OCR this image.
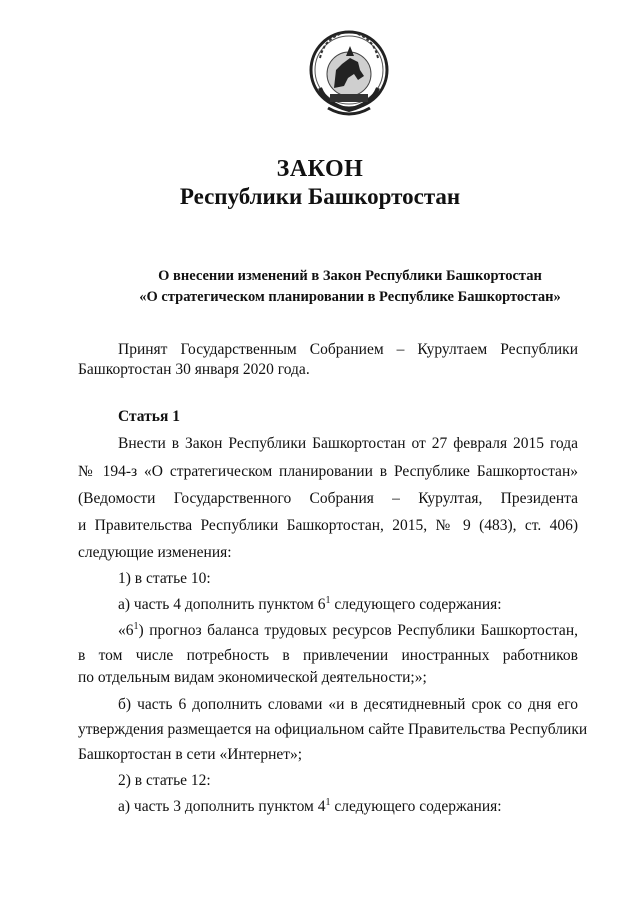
ЗАКОН
Республики Башкортостан
О внесении изменений в Закон Республики Башкортостан
«О стратегическом планировании в Республике Башкортостан»
Принят Государственным Собранием – Курултаем Республики
Башкортостан 30 января 2020 года.
Статья 1
Внести в Закон Республики Башкортостан от 27 февраля 2015 года
№ 194-з «О стратегическом планировании в Республике Башкортостан»
(Ведомости Государственного Собрания – Курултая, Президента
и Правительства Республики Башкортостан, 2015, № 9 (483), ст. 406)
следующие изменения:
1) в статье 10:
а) часть 4 дополнить пунктом $6^1$ следующего содержания:
«$6^1$) прогноз баланса трудовых ресурсов Республики Башкортостан,
в том числе потребность в привлечении иностранных работников
по отдельным видам экономической деятельности;»;
б) часть 6 дополнить словами «и в десятидневный срок со дня его
утверждения размещается на официальном сайте Правительства Республики
Башкортостан в сети «Интернет»;
2) в статье 12:
а) часть 3 дополнить пунктом $4^1$ следующего содержания:
